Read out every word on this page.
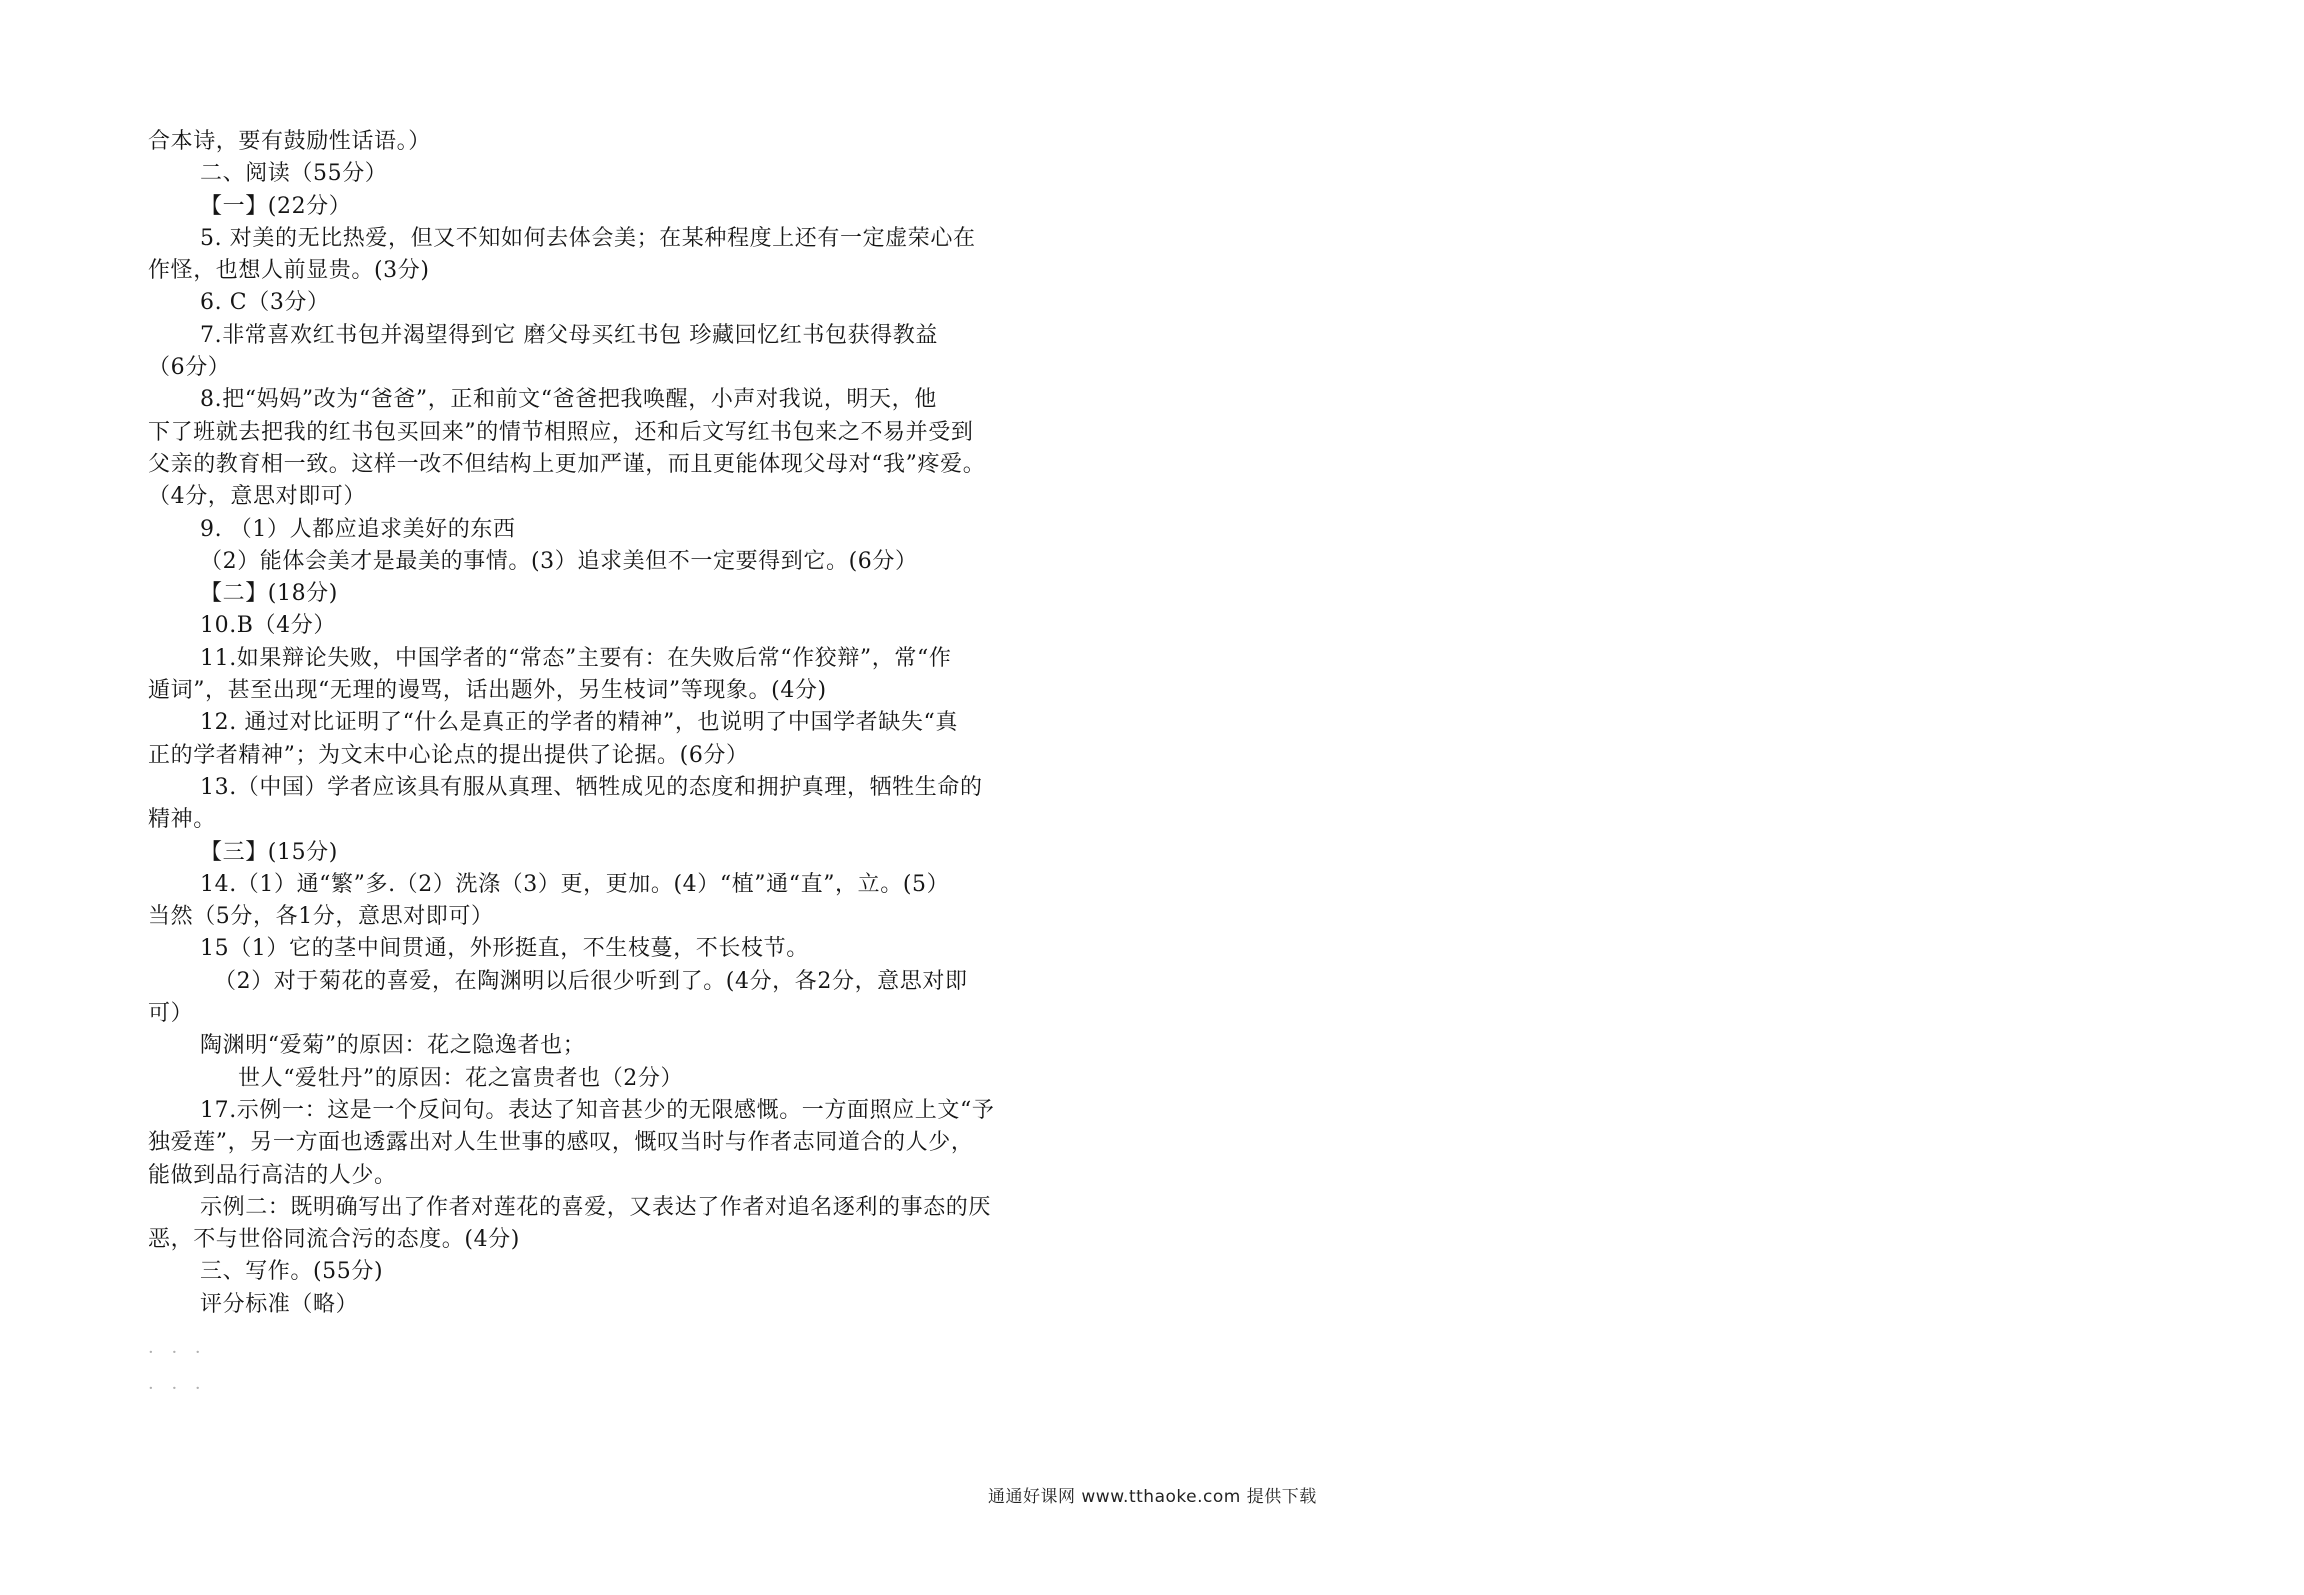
合本诗，要有鼓励性话语。）
二、阅读（55分）
【一】(22分）
5. 对美的无比热爱，但又不知如何去体会美；在某种程度上还有一定虚荣心在
作怪，也想人前显贵。(3分)
6. C（3分）
7.非常喜欢红书包并渴望得到它 磨父母买红书包 珍藏回忆红书包获得教益
（6分）
8.把“妈妈”改为“爸爸”，正和前文“爸爸把我唤醒，小声对我说，明天，他
下了班就去把我的红书包买回来”的情节相照应，还和后文写红书包来之不易并受到
父亲的教育相一致。这样一改不但结构上更加严谨，而且更能体现父母对“我”疼爱。
（4分，意思对即可）
9. （1）人都应追求美好的东西
（2）能体会美才是最美的事情。(3）追求美但不一定要得到它。(6分）
【二】(18分)
10.B（4分）
11.如果辩论失败，中国学者的“常态”主要有：在失败后常“作狡辩”，常“作
遁词”，甚至出现“无理的谩骂，话出题外，另生枝词”等现象。(4分)
12. 通过对比证明了“什么是真正的学者的精神”，也说明了中国学者缺失“真
正的学者精神”；为文末中心论点的提出提供了论据。(6分）
13.（中国）学者应该具有服从真理、牺牲成见的态度和拥护真理，牺牲生命的
精神。
【三】(15分)
14.（1）通“繁”多.（2）洗涤（3）更，更加。(4）“植”通“直”，立。(5）
当然（5分，各1分，意思对即可）
15（1）它的茎中间贯通，外形挺直，不生枝蔓，不长枝节。
（2）对于菊花的喜爱，在陶渊明以后很少听到了。(4分，各2分，意思对即
可）
陶渊明“爱菊”的原因：花之隐逸者也；
世人“爱牡丹”的原因：花之富贵者也（2分）
17.示例一：这是一个反问句。表达了知音甚少的无限感慨。一方面照应上文“予
独爱莲”，另一方面也透露出对人生世事的感叹，慨叹当时与作者志同道合的人少，
能做到品行高洁的人少。
示例二：既明确写出了作者对莲花的喜爱，又表达了作者对追名逐利的事态的厌
恶，不与世俗同流合污的态度。(4分)
三、写作。(55分)
评分标准（略）
· · ·
· · ·
通通好课网 www.tthaoke.com 提供下载
